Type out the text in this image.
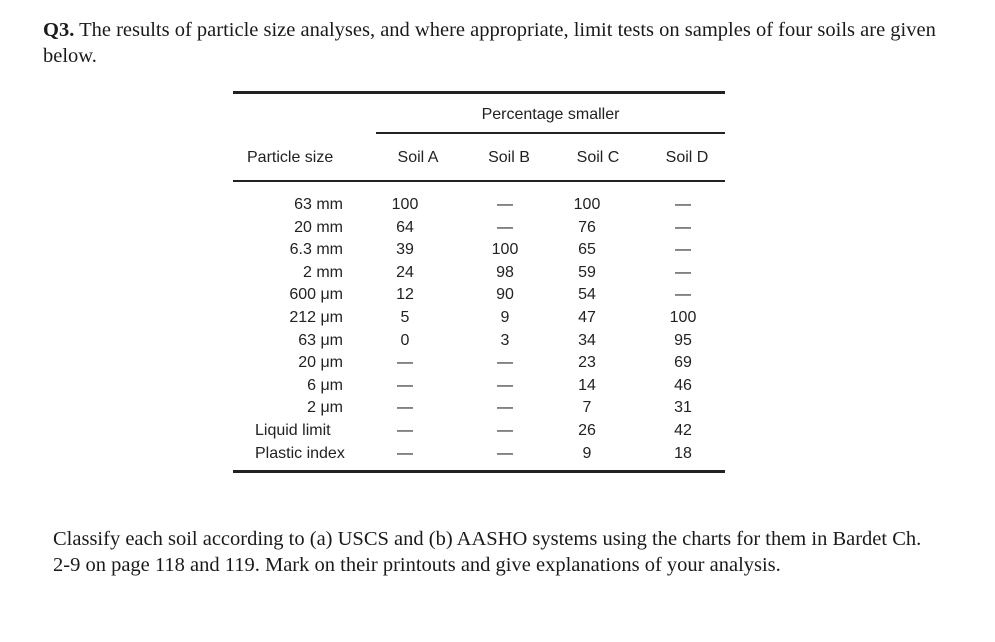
Q3. The results of particle size analyses, and where appropriate, limit tests on samples of four soils are given below.
Percentage smaller
Particle size	Soil A	Soil B	Soil C	Soil D
63 mm	100	—	100	—
20 mm	64	—	76	—
6.3 mm	39	100	65	—
2 mm	24	98	59	—
600 μm	12	90	54	—
212 μm	5	9	47	100
63 μm	0	3	34	95
20 μm	—	—	23	69
6 μm	—	—	14	46
2 μm	—	—	7	31
Liquid limit	—	—	26	42
Plastic index	—	—	9	18
Classify each soil according to (a) USCS and (b) AASHO systems using the charts for them in Bardet Ch. 2-9 on page 118 and 119. Mark on their printouts and give explanations of your analysis.
